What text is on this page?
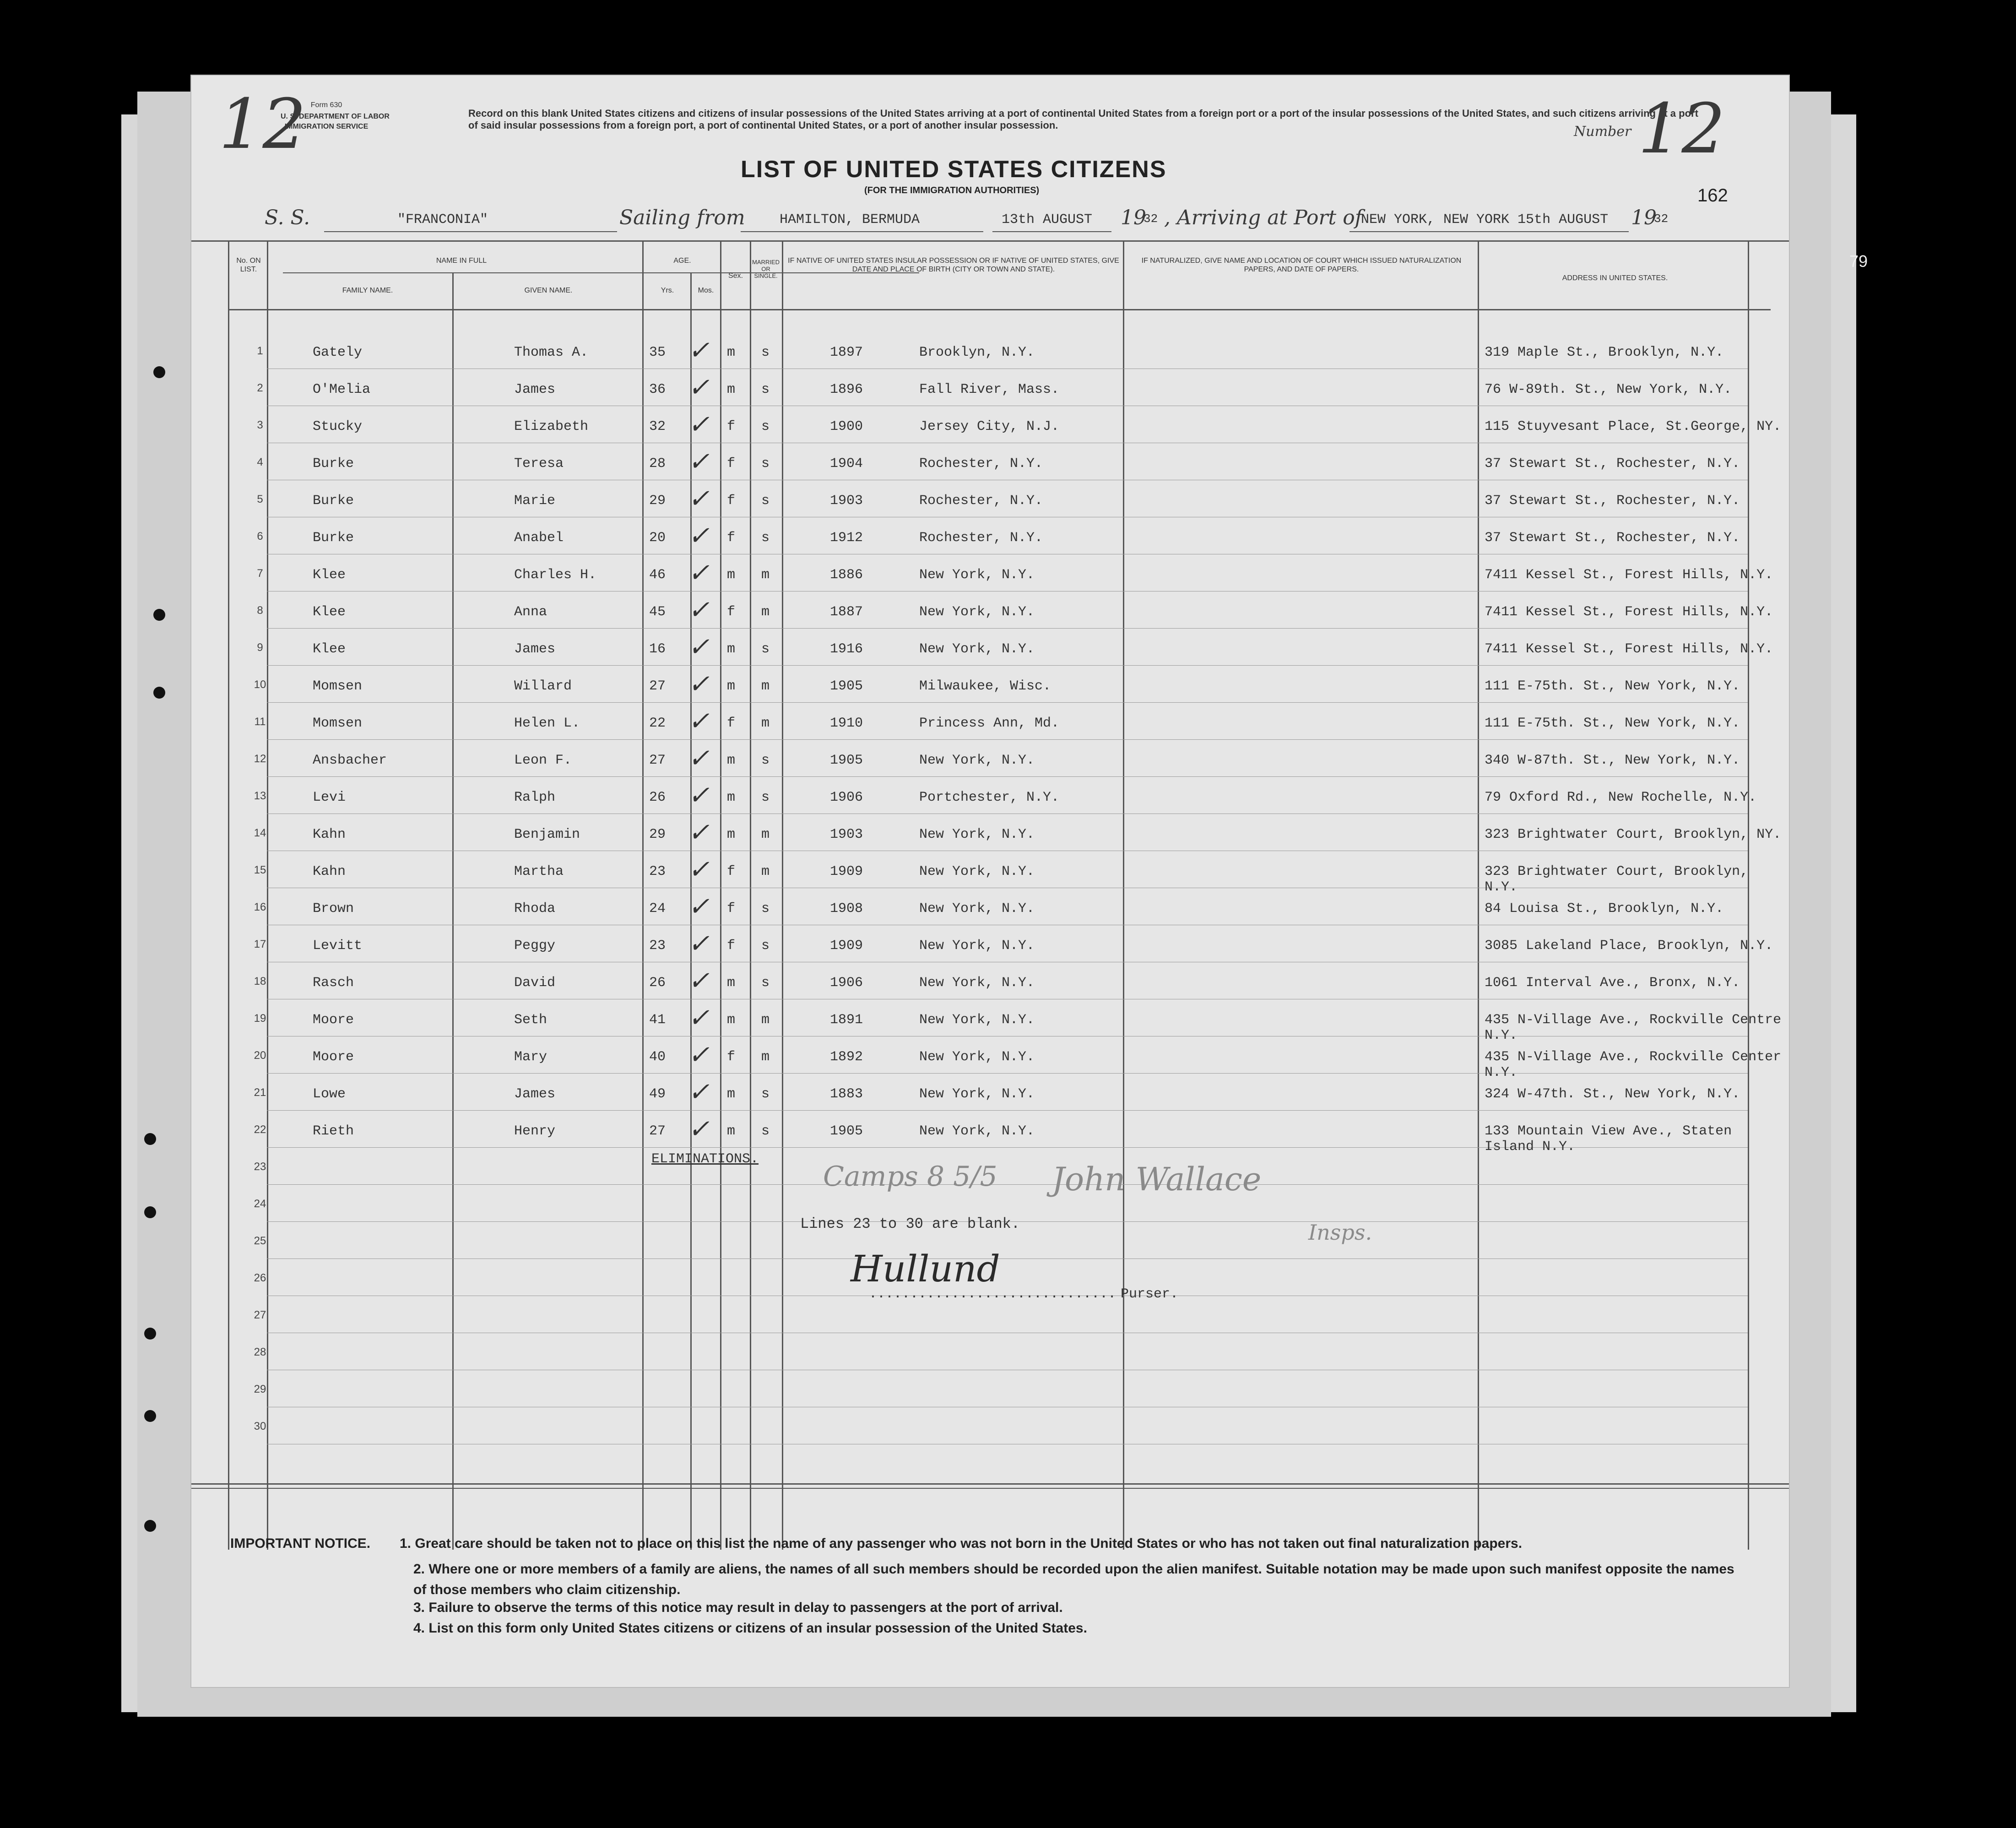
79
12 Form 630
U. S. DEPARTMENT OF LABOR
IMMIGRATION SERVICE
Record on this blank United States citizens and citizens of insular possessions of the United States arriving at a port of continental United States from a foreign port or a port of the insular possessions of the United States, and such citizens arriving at a port of said insular possessions from a foreign port, a port of continental United States, or a port of another insular possession.	Number 12
LIST OF UNITED STATES CITIZENS
(FOR THE IMMIGRATION AUTHORITIES)	162
S. S.	"FRANCONIA"	Sailing from	HAMILTON, BERMUDA	13th AUGUST 19
32 , Arriving at Port of
NEW YORK, NEW YORK 15th AUGUST 19
32
No. ON LIST.
NAME IN FULL
FAMILY NAME.	GIVEN NAME.
AGE.
Yrs.	Mos.
Sex.
MARRIED OR SINGLE.
IF NATIVE OF UNITED STATES INSULAR POSSESSION OR IF NATIVE OF UNITED STATES, GIVE DATE AND PLACE OF BIRTH (CITY OR TOWN AND STATE).
IF NATURALIZED, GIVE NAME AND LOCATION OF COURT WHICH ISSUED NATURALIZATION PAPERS, AND DATE OF PAPERS.
ADDRESS IN UNITED STATES.
1	Gately	Thomas A.	35 ✓ m s	1897	Brooklyn, N.Y.	319 Maple St., Brooklyn, N.Y.
2	O'Melia	James	36 ✓ m s	1896	Fall River, Mass.	76 W-89th. St., New York, N.Y.
3	Stucky	Elizabeth	32 ✓ f s	1900	Jersey City, N.J.	115 Stuyvesant Place, St.George, NY.
4	Burke	Teresa	28 ✓ f s	1904	Rochester, N.Y.	37 Stewart St., Rochester, N.Y.
5	Burke	Marie	29 ✓ f s	1903	Rochester, N.Y.	37 Stewart St., Rochester, N.Y.
6	Burke	Anabel	20 ✓ f s	1912	Rochester, N.Y.	37 Stewart St., Rochester, N.Y.
7	Klee	Charles H.	46 ✓ m m	1886	New York, N.Y.	7411 Kessel St., Forest Hills, N.Y.
8	Klee	Anna	45 ✓ f m	1887	New York, N.Y.	7411 Kessel St., Forest Hills, N.Y.
9	Klee	James	16 ✓ m s	1916	New York, N.Y.	7411 Kessel St., Forest Hills, N.Y.
10	Momsen	Willard	27 ✓ m m	1905	Milwaukee, Wisc.	111 E-75th. St., New York, N.Y.
11	Momsen	Helen L.	22 ✓ f m	1910	Princess Ann, Md.	111 E-75th. St., New York, N.Y.
12	Ansbacher	Leon F.	27 ✓ m s	1905	New York, N.Y.	340 W-87th. St., New York, N.Y.
13	Levi	Ralph	26 ✓ m s	1906	Portchester, N.Y.	79 Oxford Rd., New Rochelle, N.Y.
14	Kahn	Benjamin	29 ✓ m m	1903	New York, N.Y.	323 Brightwater Court, Brooklyn, NY.
15	Kahn	Martha	23 ✓ f m	1909	New York, N.Y.	323 Brightwater Court, Brooklyn, N.Y.
16	Brown	Rhoda	24 ✓ f s	1908	New York, N.Y.	84 Louisa St., Brooklyn, N.Y.
17	Levitt	Peggy	23 ✓ f s	1909	New York, N.Y.	3085 Lakeland Place, Brooklyn, N.Y.
18	Rasch	David	26 ✓ m s	1906	New York, N.Y.	1061 Interval Ave., Bronx, N.Y.
19	Moore	Seth	41 ✓ m m	1891	New York, N.Y.	435 N-Village Ave., Rockville Centre N.Y.
20	Moore	Mary	40 ✓ f m	1892	New York, N.Y.	435 N-Village Ave., Rockville Center N.Y.
21	Lowe	James	49 ✓ m s	1883	New York, N.Y.	324 W-47th. St., New York, N.Y.
22	Rieth	Henry	27 ✓ m s	1905	New York, N.Y.	133 Mountain View Ave., Staten Island N.Y.
23
24
25
26
27
28
29
30
ELIMINATIONS.
Camps 8 5/5 John Wallace
Insps.
Lines 23 to 30 are blank.
Hullund
.............................. Purser.
IMPORTANT NOTICE. 1. Great care should be taken not to place on this list the name of any passenger who was not born in the United States or who has not taken out final naturalization papers.
2. Where one or more members of a family are aliens, the names of all such members should be recorded upon the alien manifest. Suitable notation may be made upon such manifest opposite the names of those members who claim citizenship.
3. Failure to observe the terms of this notice may result in delay to passengers at the port of arrival.
4. List on this form only United States citizens or citizens of an insular possession of the United States.
